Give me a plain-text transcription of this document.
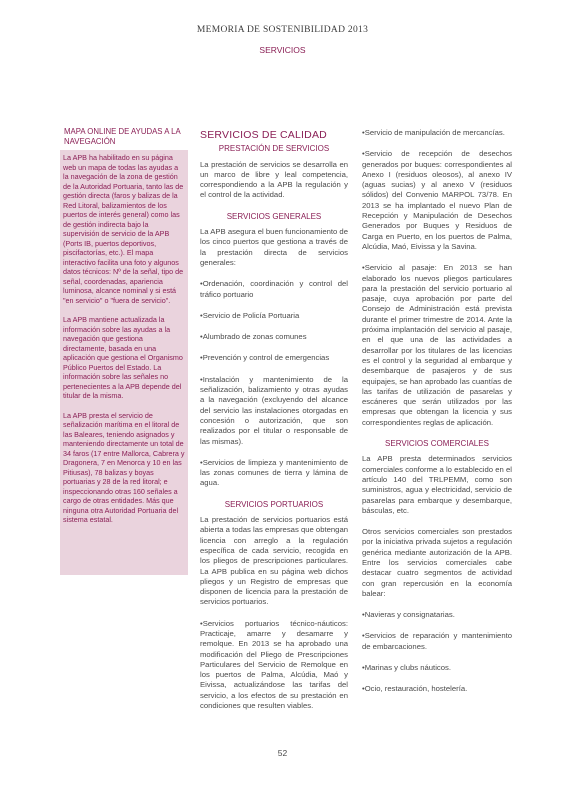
MEMORIA DE SOSTENIBILIDAD 2013
SERVICIOS
MAPA ONLINE DE AYUDAS A LA NAVEGACIÓN

La APB ha habilitado en su página web un mapa de todas las ayudas a la navegación de la zona de gestión de la Autoridad Portuaria, tanto las de gestión directa (faros y balizas de la Red Litoral, balizamientos de los puertos de interés general) como las de gestión indirecta bajo la supervisión de servicio de la APB (Ports IB, puertos deportivos, piscifactorías, etc.). El mapa interactivo facilita una foto y algunos datos técnicos: Nº de la señal, tipo de señal, coordenadas, apariencia luminosa, alcance nominal y si está "en servicio" o "fuera de servicio".

La APB mantiene actualizada la información sobre las ayudas a la navegación que gestiona directamente, basada en una aplicación que gestiona el Organismo Público Puertos del Estado. La información sobre las señales no pertenecientes a la APB depende del titular de la misma.

La APB presta el servicio de señalización marítima en el litoral de las Baleares, teniendo asignados y manteniendo directamente un total de 34 faros (17 entre Mallorca, Cabrera y Dragonera, 7 en Menorca y 10 en las Pitiusas), 78 balizas y boyas portuarias y 28 de la red litoral; e inspeccionando otras 160 señales a cargo de otras entidades. Más que ninguna otra Autoridad Portuaria del sistema estatal.

SERVICIOS DE CALIDAD
PRESTACIÓN DE SERVICIOS

La prestación de servicios se desarrolla en un marco de libre y leal competencia, correspondiendo a la APB la regulación y el control de la actividad.

SERVICIOS GENERALES

La APB asegura el buen funcionamiento de los cinco puertos que gestiona a través de la prestación directa de servicios generales:

•Ordenación, coordinación y control del tráfico portuario

•Servicio de Policía Portuaria

•Alumbrado de zonas comunes

•Prevención y control de emergencias

•Instalación y mantenimiento de la señalización, balizamiento y otras ayudas a la navegación (excluyendo del alcance del servicio las instalaciones otorgadas en concesión o autorización, que son realizados por el titular o responsable de las mismas).

•Servicios de limpieza y mantenimiento de las zonas comunes de tierra y lámina de agua.

SERVICIOS PORTUARIOS

La prestación de servicios portuarios está abierta a todas las empresas que obtengan licencia con arreglo a la regulación específica de cada servicio, recogida en los pliegos de prescripciones particulares. La APB publica en su página web dichos pliegos y un Registro de empresas que disponen de licencia para la prestación de servicios portuarios.

•Servicios portuarios técnico-náuticos: Practicaje, amarre y desamarre y remolque. En 2013 se ha aprobado una modificación del Pliego de Prescripciones Particulares del Servicio de Remolque en los puertos de Palma, Alcúdia, Maó y Eivissa, actualizándose las tarifas del servicio, a los efectos de su prestación en condiciones que resulten viables.

•Servicio de manipulación de mercancías.

•Servicio de recepción de desechos generados por buques: correspondientes al Anexo I (residuos oleosos), al anexo IV (aguas sucias) y al anexo V (residuos sólidos) del Convenio MARPOL 73/78. En 2013 se ha implantado el nuevo Plan de Recepción y Manipulación de Desechos Generados por Buques y Residuos de Carga en Puerto, en los puertos de Palma, Alcúdia, Maó, Eivissa y la Savina.

•Servicio al pasaje: En 2013 se han elaborado los nuevos pliegos particulares para la prestación del servicio portuario al pasaje, cuya aprobación por parte del Consejo de Administración está prevista durante el primer trimestre de 2014. Ante la próxima implantación del servicio al pasaje, en el que una de las actividades a desarrollar por los titulares de las licencias es el control y la seguridad al embarque y desembarque de pasajeros y de sus equipajes, se han aprobado las cuantías de las tarifas de utilización de pasarelas y escáneres que serán utilizados por las empresas que obtengan la licencia y sus correspondientes reglas de aplicación.

SERVICIOS COMERCIALES

La APB presta determinados servicios comerciales conforme a lo establecido en el artículo 140 del TRLPEMM, como son suministros, agua y electricidad, servicio de pasarelas para embarque y desembarque, básculas, etc.

Otros servicios comerciales son prestados por la iniciativa privada sujetos a regulación genérica mediante autorización de la APB. Entre los servicios comerciales cabe destacar cuatro segmentos de actividad con gran repercusión en la economía balear:

•Navieras y consignatarias.

•Servicios de reparación y mantenimiento de embarcaciones.

•Marinas y clubs náuticos.

•Ocio, restauración, hostelería.

52
